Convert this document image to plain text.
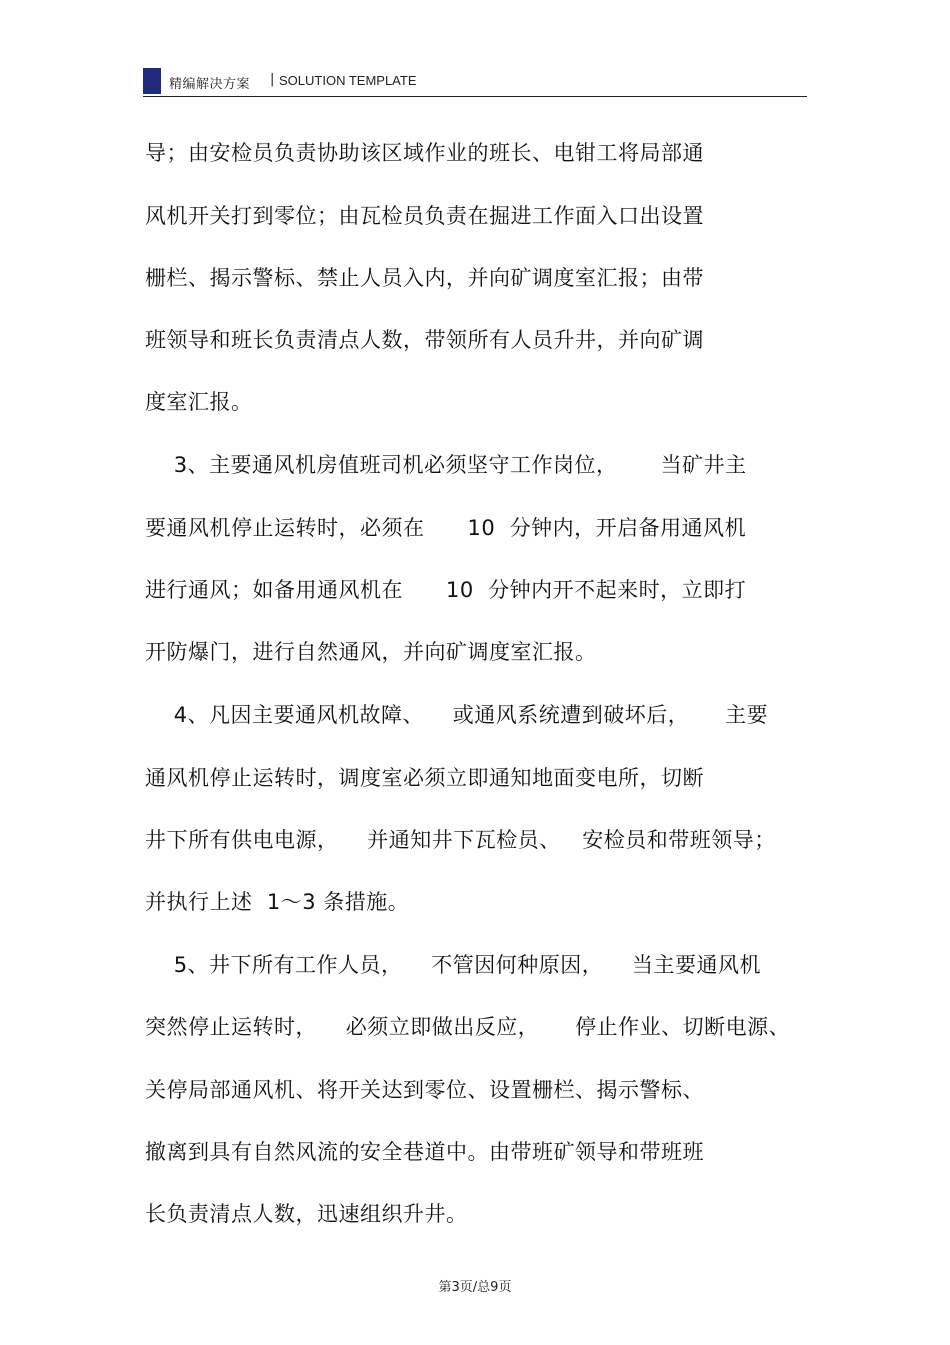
精编解决方案 | SOLUTION TEMPLATE
导；由安检员负责协助该区域作业的班长、电钳工将局部通
风机开关打到零位；由瓦检员负责在掘进工作面入口出设置
栅栏、揭示警标、禁止人员入内，并向矿调度室汇报；由带
班领导和班长负责清点人数，带领所有人员升井，并向矿调
度室汇报。
3、主要通风机房值班司机必须坚守工作岗位，      当矿井主
要通风机停止运转时，必须在      10  分钟内，开启备用通风机
进行通风；如备用通风机在      10  分钟内开不起来时，立即打
开防爆门，进行自然通风，并向矿调度室汇报。
4、凡因主要通风机故障、    或通风系统遭到破坏后，     主要
通风机停止运转时，调度室必须立即通知地面变电所，切断
井下所有供电电源，    并通知井下瓦检员、   安检员和带班领导；
并执行上述  1～3 条措施。
5、井下所有工作人员，    不管因何种原因，    当主要通风机
突然停止运转时，    必须立即做出反应，     停止作业、切断电源、
关停局部通风机、将开关达到零位、设置栅栏、揭示警标、
撤离到具有自然风流的安全巷道中。由带班矿领导和带班班
长负责清点人数，迅速组织升井。
第3页/总9页
